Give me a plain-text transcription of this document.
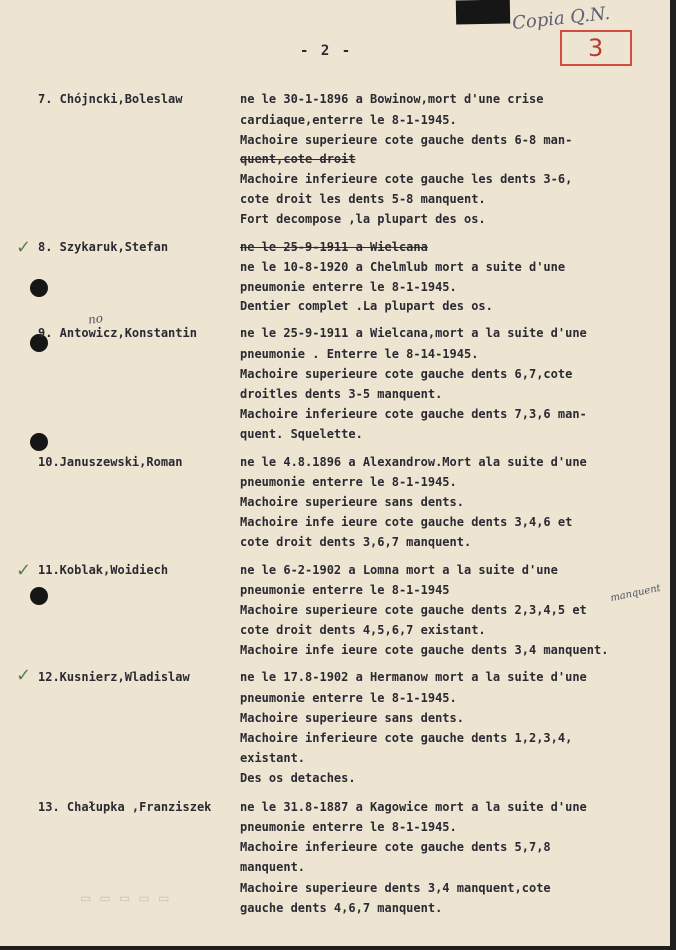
Copia Q.N.
3
- 2 -
✓
✓
✓
no
manquent
7. Chójncki,Boleslaw	ne le 30-1-1896 a Bowinow,mort d'une crise
cardiaque,enterre le 8-1-1945.
Machoire superieure cote gauche dents 6-8 man-
quent,cote droit
Machoire inferieure cote gauche les dents 3-6,
cote droit les dents 5-8 manquent.
Fort decompose ,la plupart des os.
8. Szykaruk,Stefan	ne le 25-9-1911 a Wielcana
ne le 10-8-1920 a Chelmlub mort a suite d'une
pneumonie enterre le 8-1-1945.
Dentier complet .La plupart des os.
9. Antowicz,Konstantin	ne le 25-9-1911 a Wielcana,mort a la suite d'une
pneumonie . Enterre le 8-14-1945.
Machoire superieure cote gauche dents 6,7,cote
droitles dents 3-5 manquent.
Machoire inferieure cote gauche dents 7,3,6 man-
quent. Squelette.
10.Januszewski,Roman	ne le 4.8.1896 a Alexandrow.Mort ala suite d'une
pneumonie enterre le 8-1-1945.
Machoire superieure sans dents.
Machoire infe ieure cote gauche dents 3,4,6 et
cote droit dents 3,6,7 manquent.
11.Koblak,Woidiech	ne le 6-2-1902 a Lomna mort a la suite d'une
pneumonie enterre le 8-1-1945
Machoire superieure cote gauche dents 2,3,4,5 et
cote droit dents 4,5,6,7 existant.
Machoire infe ieure cote gauche dents 3,4 manquent.
12.Kusnierz,Wladislaw	ne le 17.8-1902 a Hermanow mort a la suite d'une
pneumonie enterre le 8-1-1945.
Machoire superieure sans dents.
Machoire inferieure cote gauche dents 1,2,3,4,
existant.
Des os detaches.
13. Chałupka ,Franziszek ne le 31.8-1887 a Kagowice mort a la suite d'une
pneumonie enterre le 8-1-1945.
Machoire inferieure cote gauche dents 5,7,8
manquent.
Machoire superieure dents 3,4 manquent,cote
gauche dents 4,6,7 manquent.
▭ ▭ ▭ ▭ ▭
